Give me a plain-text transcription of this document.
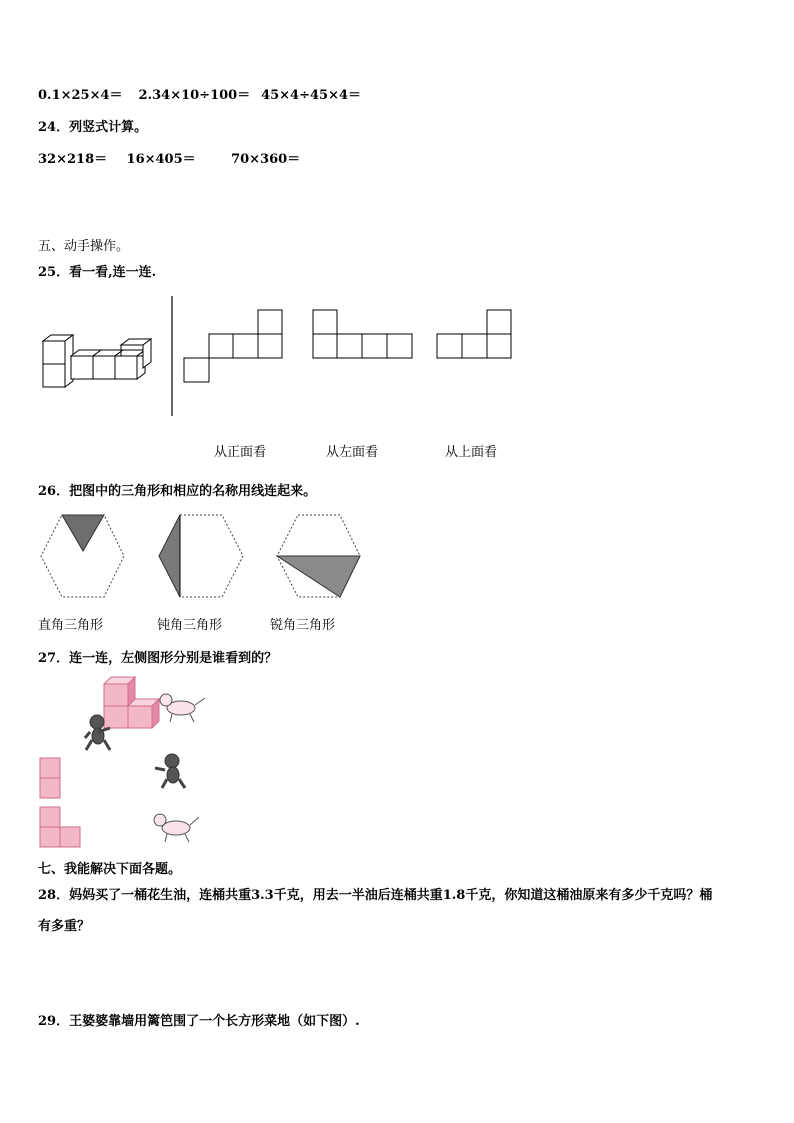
0.1×25×4＝ 2.34×10÷100＝ 45×4÷45×4＝
24．列竖式计算。
32×218＝ 16×405＝	70×360＝
五、动手操作。
25．看一看,连一连.
从正面看	从左面看	从上面看
26．把图中的三角形和相应的名称用线连起来。
直角三角形	钝角三角形	锐角三角形
27．连一连，左侧图形分别是谁看到的？
七、我能解决下面各题。
28．妈妈买了一桶花生油，连桶共重3.3千克，用去一半油后连桶共重1.8千克，你知道这桶油原来有多少千克吗？桶
有多重？
29．王婆婆靠墙用篱笆围了一个长方形菜地（如下图）.
